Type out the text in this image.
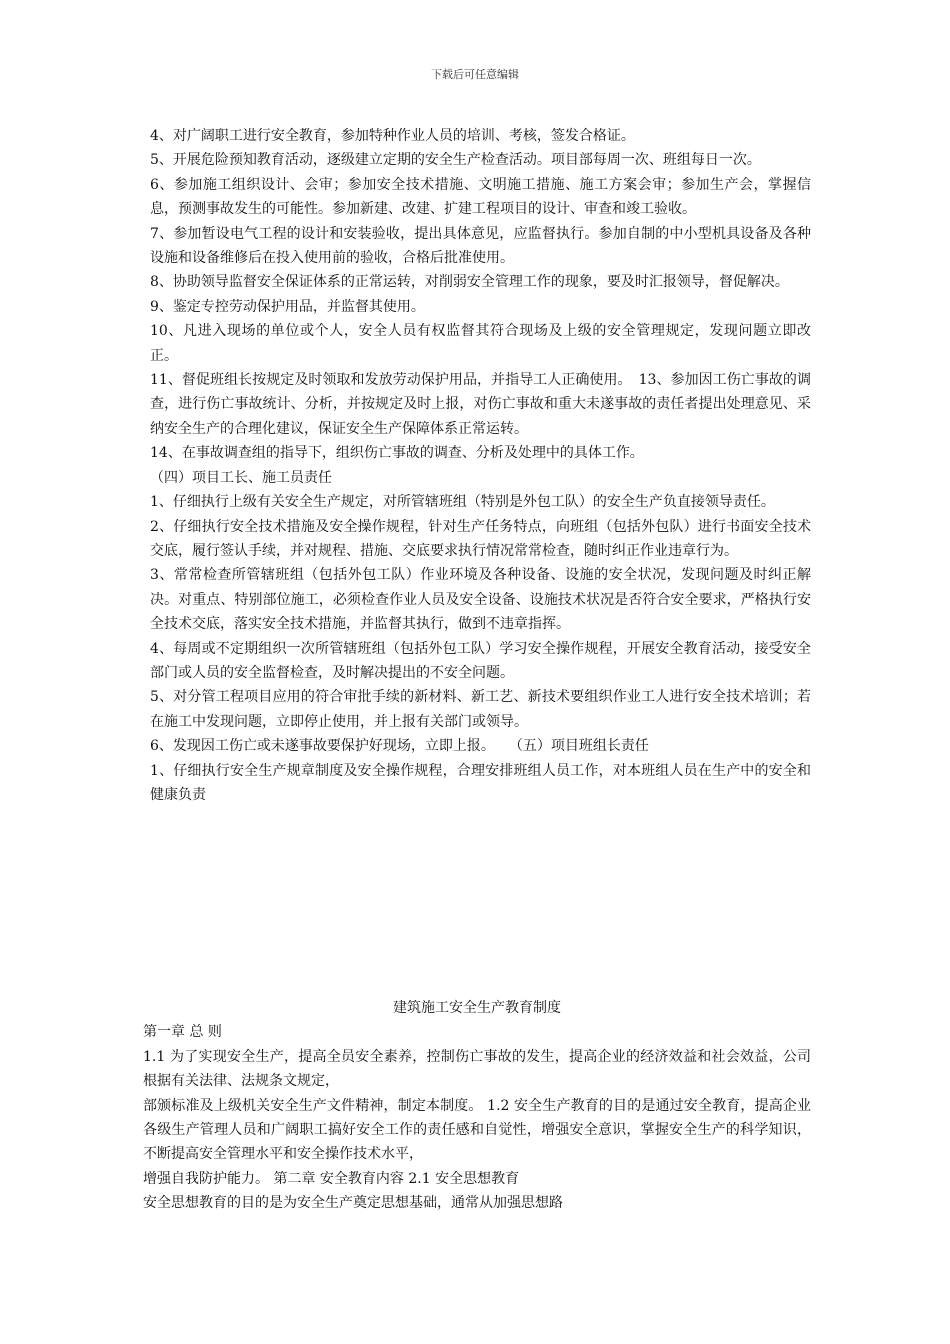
下载后可任意编辑

4、对广阔职工进行安全教育，参加特种作业人员的培训、考核，签发合格证。

5、开展危险预知教育活动，逐级建立定期的安全生产检查活动。项目部每周一次、班组每日一次。

6、参加施工组织设计、会审；参加安全技术措施、文明施工措施、施工方案会审；参加生产会，掌握信息，预测事故发生的可能性。参加新建、改建、扩建工程项目的设计、审查和竣工验收。

7、参加暂设电气工程的设计和安装验收，提出具体意见，应监督执行。参加自制的中小型机具设备及各种设施和设备维修后在投入使用前的验收，合格后批准使用。

8、协助领导监督安全保证体系的正常运转，对削弱安全管理工作的现象，要及时汇报领导，督促解决。

9、鉴定专控劳动保护用品，并监督其使用。

10、凡进入现场的单位或个人，安全人员有权监督其符合现场及上级的安全管理规定，发现问题立即改正。

11、督促班组长按规定及时领取和发放劳动保护用品，并指导工人正确使用。　13、参加因工伤亡事故的调查，进行伤亡事故统计、分析，并按规定及时上报，对伤亡事故和重大未遂事故的责任者提出处理意见、采纳安全生产的合理化建议，保证安全生产保障体系正常运转。

14、在事故调查组的指导下，组织伤亡事故的调查、分析及处理中的具体工作。

（四）项目工长、施工员责任

1、仔细执行上级有关安全生产规定，对所管辖班组（特别是外包工队）的安全生产负直接领导责任。

2、仔细执行安全技术措施及安全操作规程，针对生产任务特点，向班组（包括外包队）进行书面安全技术交底，履行签认手续，并对规程、措施、交底要求执行情况常常检查，随时纠正作业违章行为。

3、常常检查所管辖班组（包括外包工队）作业环境及各种设备、设施的安全状况，发现问题及时纠正解决。对重点、特别部位施工，必须检查作业人员及安全设备、设施技术状况是否符合安全要求，严格执行安全技术交底，落实安全技术措施，并监督其执行，做到不违章指挥。

4、每周或不定期组织一次所管辖班组（包括外包工队）学习安全操作规程，开展安全教育活动，接受安全部门或人员的安全监督检查，及时解决提出的不安全问题。

5、对分管工程项目应用的符合审批手续的新材料、新工艺、新技术要组织作业工人进行安全技术培训；若在施工中发现问题，立即停止使用，并上报有关部门或领导。

6、发现因工伤亡或未遂事故要保护好现场，立即上报。　　（五）项目班组长责任

1、仔细执行安全生产规章制度及安全操作规程，合理安排班组人员工作，对本班组人员在生产中的安全和健康负责

建筑施工安全生产教育制度

第一章 总 则

1.1 为了实现安全生产，提高全员安全素养，控制伤亡事故的发生，提高企业的经济效益和社会效益，公司根据有关法律、法规条文规定，

部颁标准及上级机关安全生产文件精神，制定本制度。 1.2 安全生产教育的目的是通过安全教育，提高企业各级生产管理人员和广阔职工搞好安全工作的责任感和自觉性，增强安全意识，掌握安全生产的科学知识，不断提高安全管理水平和安全操作技术水平，

增强自我防护能力。 第二章 安全教育内容 2.1 安全思想教育

安全思想教育的目的是为安全生产奠定思想基础，通常从加强思想路
